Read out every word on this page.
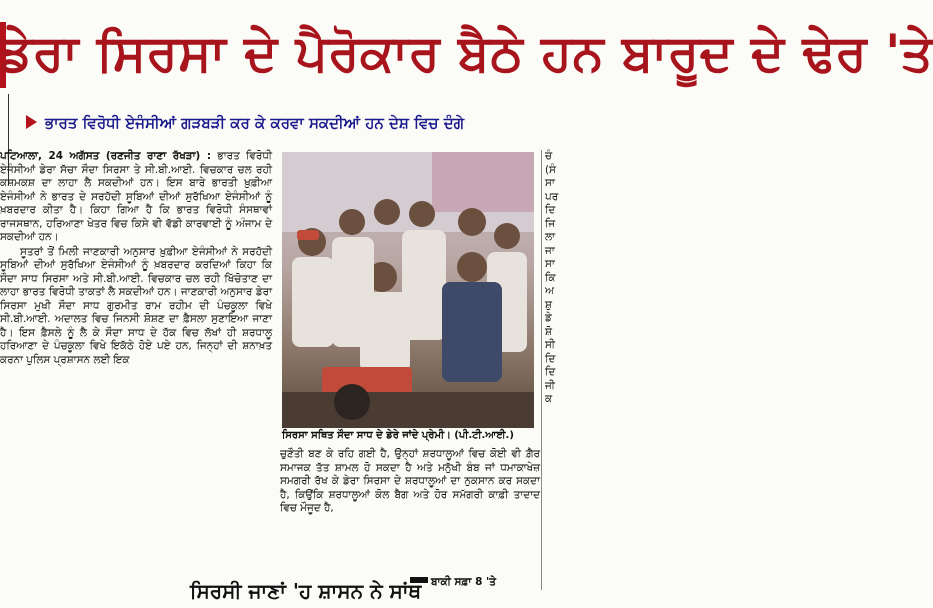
ਡੇਰਾ ਸਿਰਸਾ ਦੇ ਪੈਰੋਕਾਰ ਬੈਠੇ ਹਨ ਬਾਰੂਦ ਦੇ ਢੇਰ 'ਤੇ
ਭਾਰਤ ਵਿਰੋਧੀ ਏਜੰਸੀਆਂ ਗੜਬੜੀ ਕਰ ਕੇ ਕਰਵਾ ਸਕਦੀਆਂ ਹਨ ਦੇਸ਼ ਵਿਚ ਦੰਗੇ

ਪਟਿਆਲਾ, 24 ਅਗੱਸਤ (ਰਣਜੀਤ ਰਾਣਾ ਰੱਖੜਾ) : ਭਾਰਤ ਵਿਰੋਧੀ ਏਜੰਸੀਆਂ ਡੇਰਾ ਸੱਚਾ ਸੌਦਾ ਸਿਰਸਾ ਤੇ ਸੀ.ਬੀ.ਆਈ. ਵਿਚਕਾਰ ਚਲ ਰਹੀ ਕਸ਼ਮਕਸ਼ ਦਾ ਲਾਹਾ ਲੈ ਸਕਦੀਆਂ ਹਨ। ਇਸ ਬਾਰੇ ਭਾਰਤੀ ਖ਼ੁਫ਼ੀਆ ਏਜੰਸੀਆਂ ਨੇ ਭਾਰਤ ਦੇ ਸਰਹੱਦੀ ਸੂਬਿਆਂ ਦੀਆਂ ਸੁਰੱਖਿਆ ਏਜੰਸੀਆਂ ਨੂੰ ਖ਼ਬਰਦਾਰ ਕੀਤਾ ਹੈ। ਕਿਹਾ ਗਿਆ ਹੈ ਕਿ ਭਾਰਤ ਵਿਰੋਧੀ ਸੰਸਥਾਵਾਂ ਰਾਜਸਥਾਨ, ਹਰਿਆਣਾ ਖੇਤਰ ਵਿਚ ਕਿਸੇ ਵੀ ਵੱਡੀ ਕਾਰਵਾਈ ਨੂੰ ਅੰਜਾਮ ਦੇ ਸਕਦੀਆਂ ਹਨ।

ਸੂਤਰਾਂ ਤੋਂ ਮਿਲੀ ਜਾਣਕਾਰੀ ਅਨੁਸਾਰ ਖ਼ੁਫ਼ੀਆ ਏਜੰਸੀਆਂ ਨੇ ਸਰਹੱਦੀ ਸੂਬਿਆਂ ਦੀਆਂ ਸੁਰੱਖਿਆ ਏਜੰਸੀਆਂ ਨੂੰ ਖ਼ਬਰਦਾਰ ਕਰਦਿਆਂ ਕਿਹਾ ਕਿ ਸੌਦਾ ਸਾਧ ਸਿਰਸਾ ਅਤੇ ਸੀ.ਬੀ.ਆਈ. ਵਿਚਕਾਰ ਚਲ ਰਹੀ ਖਿੱਚੋਤਾਣ ਦਾ ਲਾਹਾ ਭਾਰਤ ਵਿਰੋਧੀ ਤਾਕਤਾਂ ਲੈ ਸਕਦੀਆਂ ਹਨ। ਜਾਣਕਾਰੀ ਅਨੁਸਾਰ ਡੇਰਾ ਸਿਰਸਾ ਮੁਖੀ ਸੌਦਾ ਸਾਧ ਗੁਰਮੀਤ ਰਾਮ ਰਹੀਮ ਦੀ ਪੰਚਕੂਲਾ ਵਿਖੇ ਸੀ.ਬੀ.ਆਈ. ਅਦਾਲਤ ਵਿਚ ਜਿਨਸੀ ਸ਼ੋਸ਼ਣ ਦਾ ਫ਼ੈਸਲਾ ਸੁਣਾਇਆ ਜਾਣਾ ਹੈ। ਇਸ ਫ਼ੈਸਲੇ ਨੂੰ ਲੈ ਕੇ ਸੌਦਾ ਸਾਧ ਦੇ ਹੱਕ ਵਿਚ ਲੱਖਾਂ ਹੀ ਸ਼ਰਧਾਲੂ ਹਰਿਆਣਾ ਦੇ ਪੰਚਕੂਲਾ ਵਿਖੇ ਇਕੱਠੇ ਹੋਏ ਪਏ ਹਨ, ਜਿਨ੍ਹਾਂ ਦੀ ਸ਼ਨਾਖ਼ਤ ਕਰਨਾ ਪੁਲਿਸ ਪ੍ਰਸ਼ਾਸਨ ਲਈ ਇਕ

ਸਿਰਸਾ ਸਥਿਤ ਸੌਦਾ ਸਾਧ ਦੇ ਡੇਰੇ ਜਾਂਦੇ ਪ੍ਰੇਮੀ। (ਪੀ.ਟੀ.ਆਈ.)
ਚੁਣੌਤੀ ਬਣ ਕੇ ਰਹਿ ਗਈ ਹੈ, ਉਨ੍ਹਾਂ ਸ਼ਰਧਾਲੂਆਂ ਵਿਚ ਕੋਈ ਵੀ ਗ਼ੈਰ ਸਮਾਜਕ ਤੱਤ ਸ਼ਾਮਲ ਹੋ ਸਕਦਾ ਹੈ ਅਤੇ ਮਨੁੱਖੀ ਬੰਬ ਜਾਂ ਧਮਾਕਾਖੇਜ਼ ਸਮਗਰੀ ਰੱਖ ਕੇ ਡੇਰਾ ਸਿਰਸਾ ਦੇ ਸ਼ਰਧਾਲੂਆਂ ਦਾ ਨੁਕਸਾਨ ਕਰ ਸਕਦਾ ਹੈ, ਕਿਉਂਕਿ ਸ਼ਰਧਾਲੂਆਂ ਕੋਲ ਬੈਗ ਅਤੇ ਹੋਰ ਸਮੱਗਰੀ ਕਾਫ਼ੀ ਤਾਦਾਦ ਵਿਚ ਮੌਜੂਦ ਹੈ,
ਬਾਕੀ ਸਫ਼ਾ 8 'ਤੇ
ਚੰ (ਸੰ ਸਾ ਪਰ ਦਿ ਜਿ ਲਾ ਜਾ ਸਾ ਕਿ ਅ ਸ਼ੁ ਡੇ ਸ਼ੋ ਸੀ ਦਿ ਦਿ ਜੀ ਕ
ਸਿਰਸੀ ਜਾਣਾਂ 'ਹ ਸ਼ਾਸਨ ਨੇ ਸਾਂਥ
